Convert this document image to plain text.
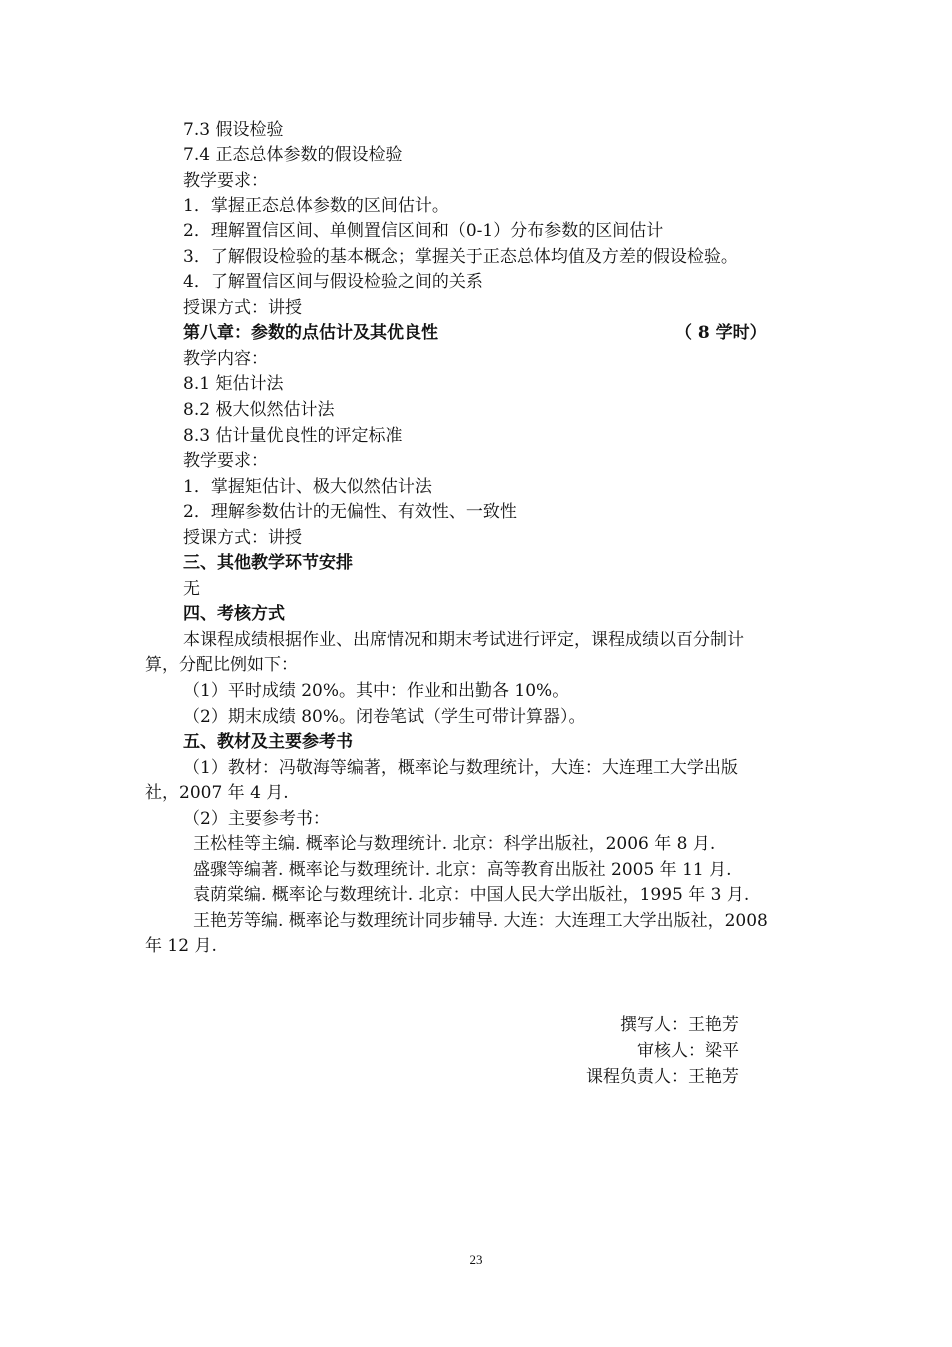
7.3 假设检验
7.4 正态总体参数的假设检验
教学要求：
1．掌握正态总体参数的区间估计。
2．理解置信区间、单侧置信区间和（0-1）分布参数的区间估计
3．了解假设检验的基本概念；掌握关于正态总体均值及方差的假设检验。
4．了解置信区间与假设检验之间的关系
授课方式：讲授
第八章：参数的点估计及其优良性	（ 8 学时）
教学内容：
8.1 矩估计法
8.2 极大似然估计法
8.3 估计量优良性的评定标准
教学要求：
1．掌握矩估计、极大似然估计法
2．理解参数估计的无偏性、有效性、一致性
授课方式：讲授
三、其他教学环节安排
无
四、考核方式
本课程成绩根据作业、出席情况和期末考试进行评定，课程成绩以百分制计
算，分配比例如下：
（1）平时成绩 20%。其中：作业和出勤各 10%。
（2）期末成绩 80%。闭卷笔试（学生可带计算器）。
五、教材及主要参考书
（1）教材：冯敬海等编著，概率论与数理统计，大连：大连理工大学出版
社，2007 年 4 月.
（2）主要参考书：
王松桂等主编. 概率论与数理统计. 北京：科学出版社，2006 年 8 月.
盛骤等编著. 概率论与数理统计. 北京：高等教育出版社 2005 年 11 月.
袁荫棠编. 概率论与数理统计. 北京：中国人民大学出版社，1995 年 3 月.
王艳芳等编. 概率论与数理统计同步辅导. 大连：大连理工大学出版社，2008
年 12 月.
撰写人：王艳芳
审核人：梁平
课程负责人：王艳芳
23
